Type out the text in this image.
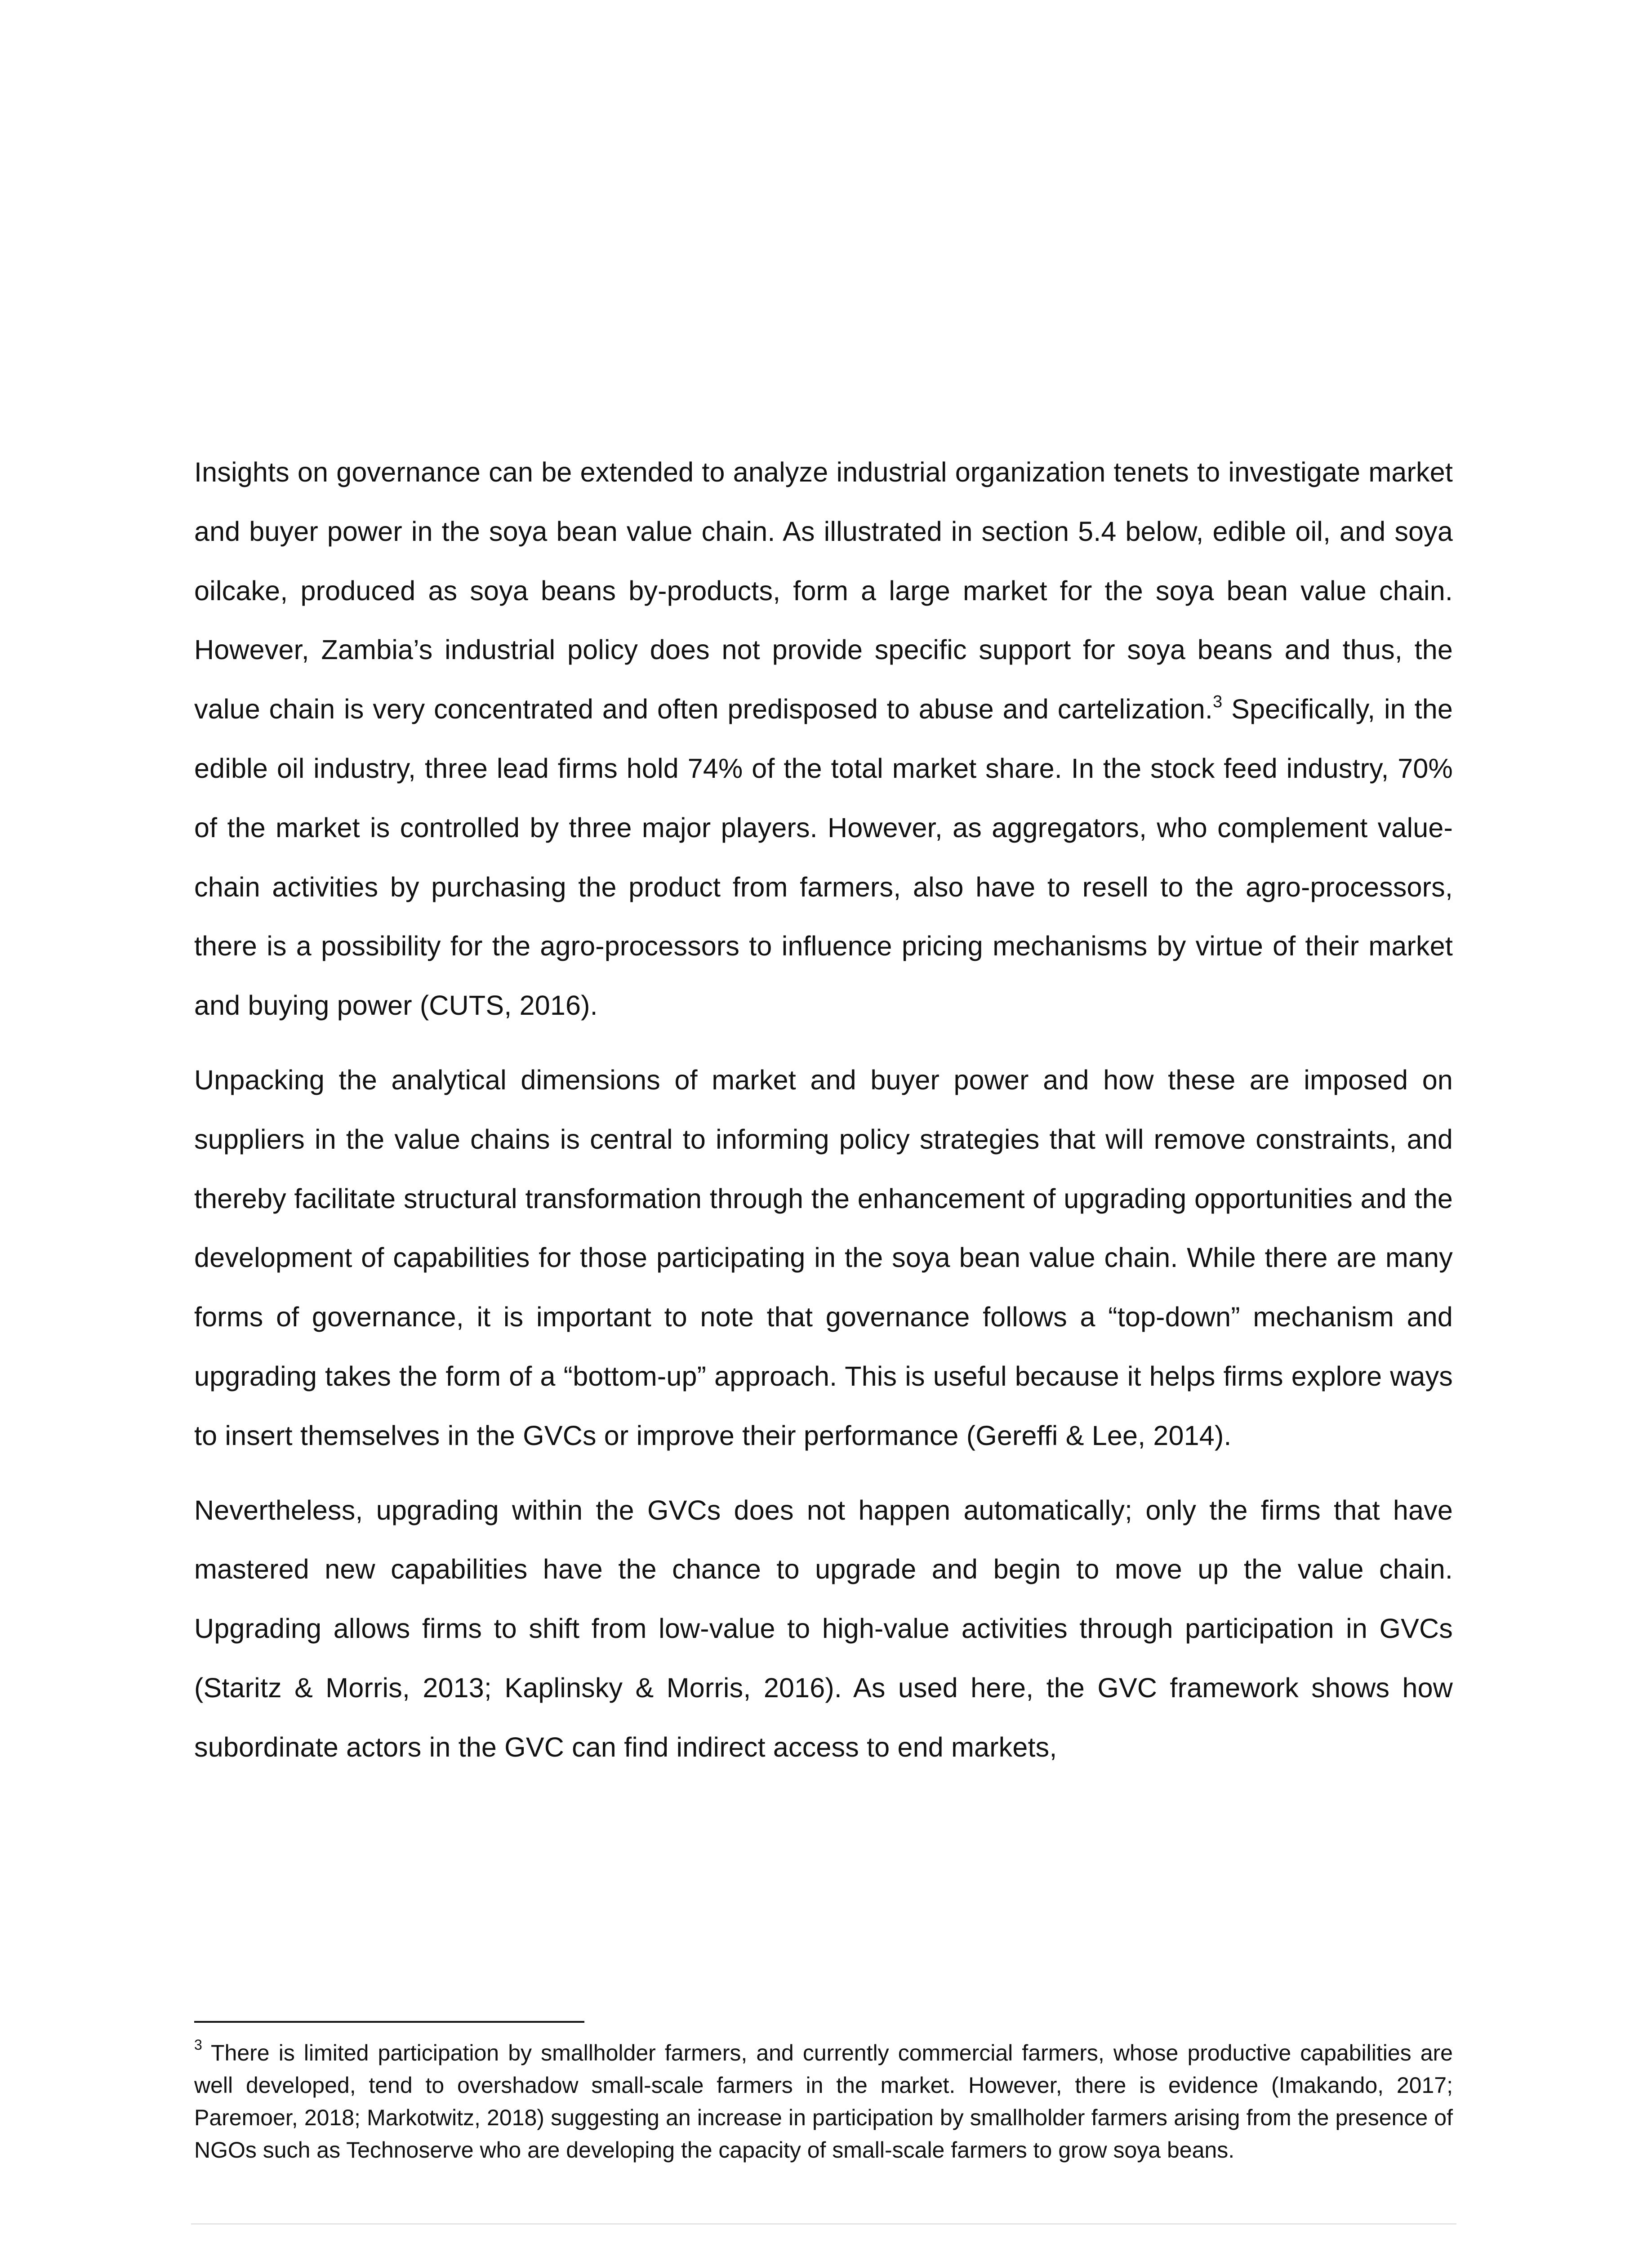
Insights on governance can be extended to analyze industrial organization tenets to investigate market and buyer power in the soya bean value chain. As illustrated in section 5.4 below, edible oil, and soya oilcake, produced as soya beans by-products, form a large market for the soya bean value chain. However, Zambia’s industrial policy does not provide specific support for soya beans and thus, the value chain is very concentrated and often predisposed to abuse and cartelization.$^3$ Specifically, in the edible oil industry, three lead firms hold 74% of the total market share. In the stock feed industry, 70% of the market is controlled by three major players. However, as aggregators, who complement value-chain activities by purchasing the product from farmers, also have to resell to the agro-processors, there is a possibility for the agro-processors to influence pricing mechanisms by virtue of their market and buying power (CUTS, 2016).

Unpacking the analytical dimensions of market and buyer power and how these are imposed on suppliers in the value chains is central to informing policy strategies that will remove constraints, and thereby facilitate structural transformation through the enhancement of upgrading opportunities and the development of capabilities for those participating in the soya bean value chain. While there are many forms of governance, it is important to note that governance follows a “top-down” mechanism and upgrading takes the form of a “bottom-up” approach. This is useful because it helps firms explore ways to insert themselves in the GVCs or improve their performance (Gereffi & Lee, 2014).

Nevertheless, upgrading within the GVCs does not happen automatically; only the firms that have mastered new capabilities have the chance to upgrade and begin to move up the value chain. Upgrading allows firms to shift from low-value to high-value activities through participation in GVCs (Staritz & Morris, 2013; Kaplinsky & Morris, 2016). As used here, the GVC framework shows how subordinate actors in the GVC can find indirect access to end markets,

$^3$ There is limited participation by smallholder farmers, and currently commercial farmers, whose productive capabilities are well developed, tend to overshadow small-scale farmers in the market. However, there is evidence (Imakando, 2017; Paremoer, 2018; Markotwitz, 2018) suggesting an increase in participation by smallholder farmers arising from the presence of NGOs such as Technoserve who are developing the capacity of small-scale farmers to grow soya beans.
